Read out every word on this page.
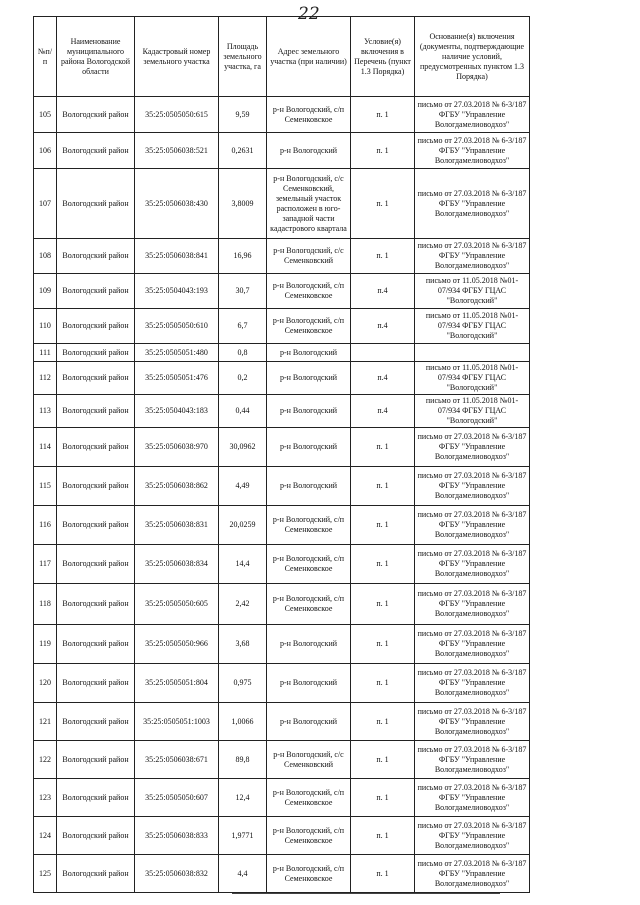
22
№п/п	Наименование муниципального района Вологодской области	Кадастровый номер земельного участка	Площадь земельного участка, га	Адрес земельного участка (при наличии)	Условие(я) включения в Перечень (пункт 1.3 Порядка)	Основание(я) включения (документы, подтверждающие наличие условий, предусмотренных пунктом 1.3 Порядка)
105	Вологодский район	35:25:0505050:615	9,59	р-н Вологодский, с/п Семенковское	п. 1	письмо от 27.03.2018 № 6-3/187 ФГБУ "Управление Вологдамелиоводхоз"
106	Вологодский район	35:25:0506038:521	0,2631	р-н Вологодский	п. 1	письмо от 27.03.2018 № 6-3/187 ФГБУ "Управление Вологдамелиоводхоз"
107	Вологодский район	35:25:0506038:430	3,8009	р-н Вологодский, с/с Семенковский, земельный участок расположен в юго-западной части кадастрового квартала	п. 1	письмо от 27.03.2018 № 6-3/187 ФГБУ "Управление Вологдамелиоводхоз"
108	Вологодский район	35:25:0506038:841	16,96	р-н Вологодский, с/с Семенковский	п. 1	письмо от 27.03.2018 № 6-3/187 ФГБУ "Управление Вологдамелиоводхоз"
109	Вологодский район	35:25:0504043:193	30,7	р-н Вологодский, с/п Семенковское	п.4	письмо от 11.05.2018 №01-07/934 ФГБУ ГЦАС "Вологодский"
110	Вологодский район	35:25:0505050:610	6,7	р-н Вологодский, с/п Семенковское	п.4	письмо от 11.05.2018 №01-07/934 ФГБУ ГЦАС "Вологодский"
111	Вологодский район	35:25:0505051:480	0,8	р-н Вологодский		
112	Вологодский район	35:25:0505051:476	0,2	р-н Вологодский	п.4	письмо от 11.05.2018 №01-07/934 ФГБУ ГЦАС "Вологодский"
113	Вологодский район	35:25:0504043:183	0,44	р-н Вологодский	п.4	письмо от 11.05.2018 №01-07/934 ФГБУ ГЦАС "Вологодский"
114	Вологодский район	35:25:0506038:970	30,0962	р-н Вологодский	п. 1	письмо от 27.03.2018 № 6-3/187 ФГБУ "Управление Вологдамелиоводхоз"
115	Вологодский район	35:25:0506038:862	4,49	р-н Вологодский	п. 1	письмо от 27.03.2018 № 6-3/187 ФГБУ "Управление Вологдамелиоводхоз"
116	Вологодский район	35:25:0506038:831	20,0259	р-н Вологодский, с/п Семенковское	п. 1	письмо от 27.03.2018 № 6-3/187 ФГБУ "Управление Вологдамелиоводхоз"
117	Вологодский район	35:25:0506038:834	14,4	р-н Вологодский, с/п Семенковское	п. 1	письмо от 27.03.2018 № 6-3/187 ФГБУ "Управление Вологдамелиоводхоз"
118	Вологодский район	35:25:0505050:605	2,42	р-н Вологодский, с/п Семенковское	п. 1	письмо от 27.03.2018 № 6-3/187 ФГБУ "Управление Вологдамелиоводхоз"
119	Вологодский район	35:25:0505050:966	3,68	р-н Вологодский	п. 1	письмо от 27.03.2018 № 6-3/187 ФГБУ "Управление Вологдамелиоводхоз"
120	Вологодский район	35:25:0505051:804	0,975	р-н Вологодский	п. 1	письмо от 27.03.2018 № 6-3/187 ФГБУ "Управление Вологдамелиоводхоз"
121	Вологодский район	35:25:0505051:1003	1,0066	р-н Вологодский	п. 1	письмо от 27.03.2018 № 6-3/187 ФГБУ "Управление Вологдамелиоводхоз"
122	Вологодский район	35:25:0506038:671	89,8	р-н Вологодский, с/с Семенковский	п. 1	письмо от 27.03.2018 № 6-3/187 ФГБУ "Управление Вологдамелиоводхоз"
123	Вологодский район	35:25:0505050:607	12,4	р-н Вологодский, с/п Семенковское	п. 1	письмо от 27.03.2018 № 6-3/187 ФГБУ "Управление Вологдамелиоводхоз"
124	Вологодский район	35:25:0506038:833	1,9771	р-н Вологодский, с/п Семенковское	п. 1	письмо от 27.03.2018 № 6-3/187 ФГБУ "Управление Вологдамелиоводхоз"
125	Вологодский район	35:25:0506038:832	4,4	р-н Вологодский, с/п Семенковское	п. 1	письмо от 27.03.2018 № 6-3/187 ФГБУ "Управление Вологдамелиоводхоз"
